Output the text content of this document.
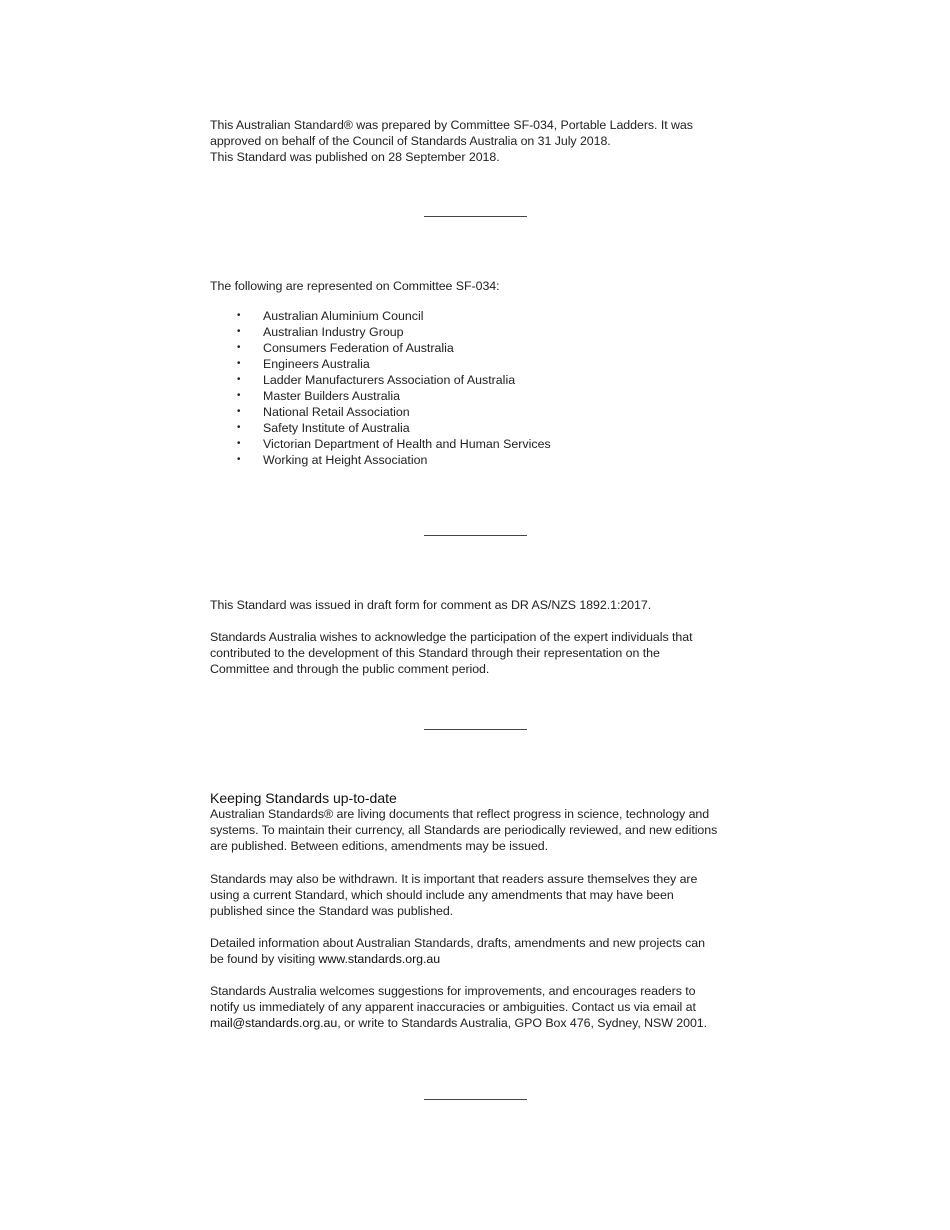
This Australian Standard® was prepared by Committee SF-034, Portable Ladders. It was
approved on behalf of the Council of Standards Australia on 31 July 2018.
This Standard was published on 28 September 2018.

The following are represented on Committee SF-034:

• Australian Aluminium Council
• Australian Industry Group
• Consumers Federation of Australia
• Engineers Australia
• Ladder Manufacturers Association of Australia
• Master Builders Australia
• National Retail Association
• Safety Institute of Australia
• Victorian Department of Health and Human Services
• Working at Height Association

This Standard was issued in draft form for comment as DR AS/NZS 1892.1:2017.

Standards Australia wishes to acknowledge the participation of the expert individuals that
contributed to the development of this Standard through their representation on the
Committee and through the public comment period.

Keeping Standards up-to-date

Australian Standards® are living documents that reflect progress in science, technology and
systems. To maintain their currency, all Standards are periodically reviewed, and new editions
are published. Between editions, amendments may be issued.

Standards may also be withdrawn. It is important that readers assure themselves they are
using a current Standard, which should include any amendments that may have been
published since the Standard was published.

Detailed information about Australian Standards, drafts, amendments and new projects can
be found by visiting www.standards.org.au

Standards Australia welcomes suggestions for improvements, and encourages readers to
notify us immediately of any apparent inaccuracies or ambiguities. Contact us via email at
mail@standards.org.au, or write to Standards Australia, GPO Box 476, Sydney, NSW 2001.
